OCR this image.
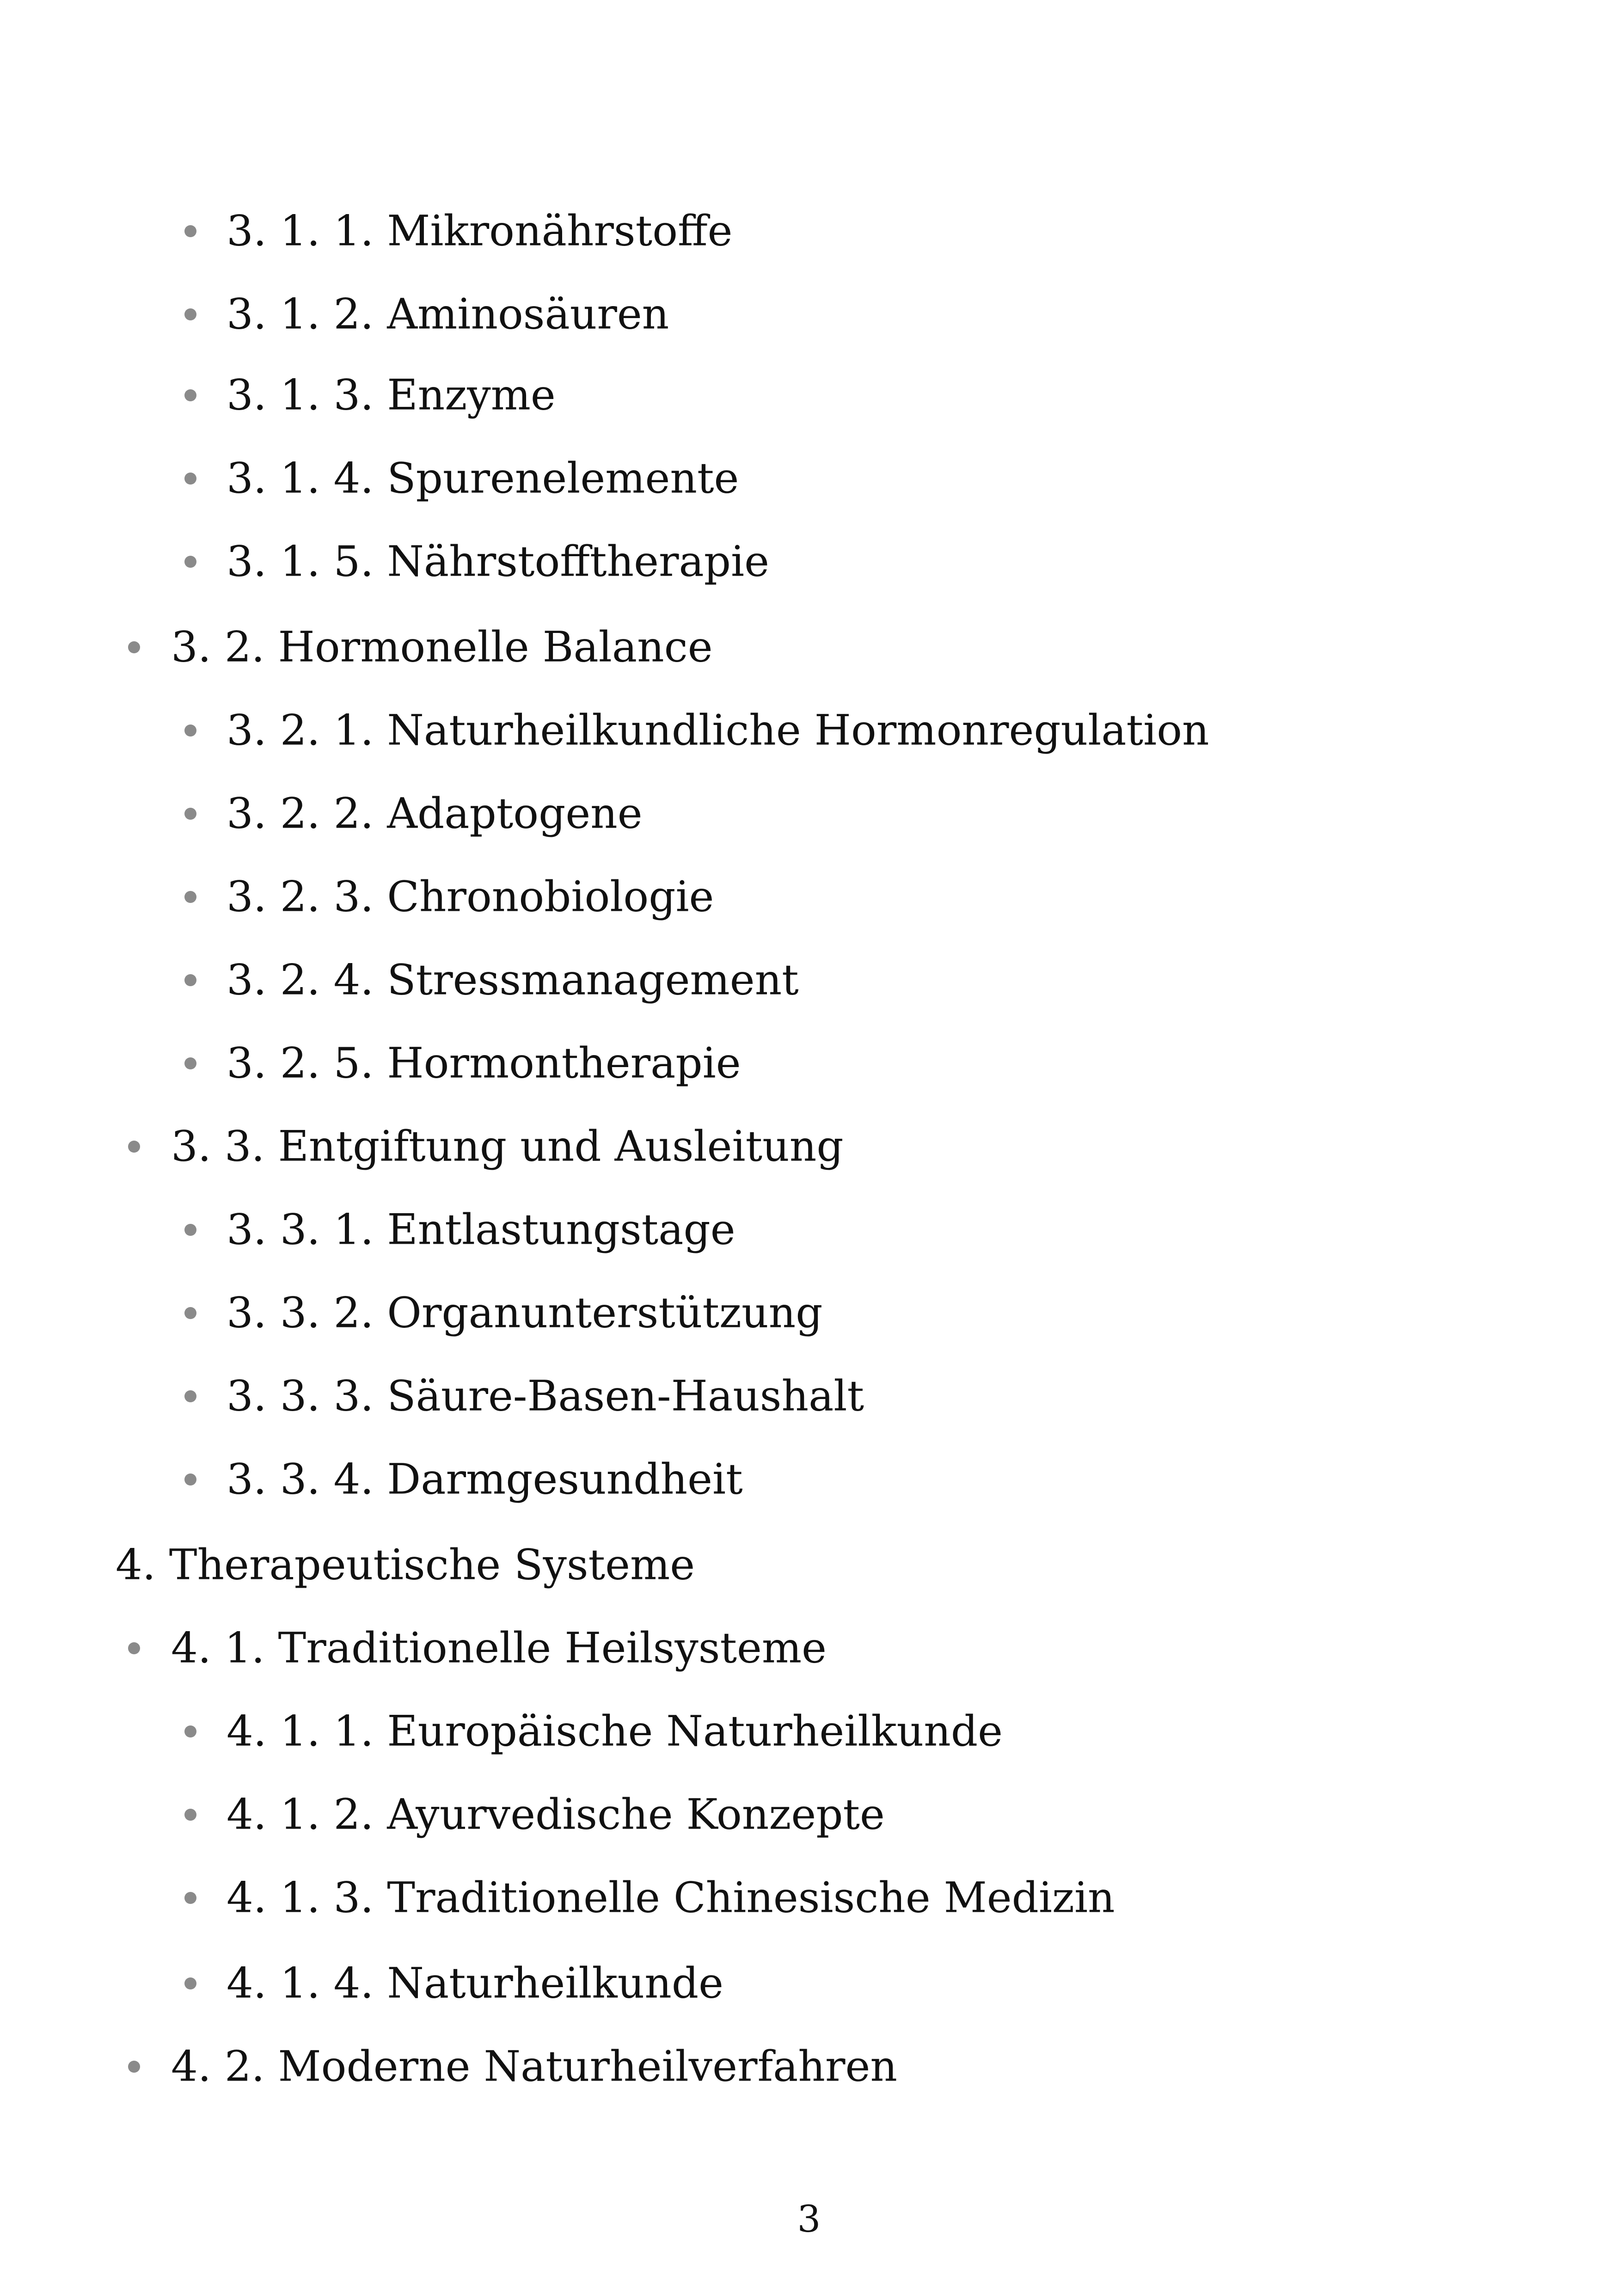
3. 1. 1. Mikronährstoffe
3. 1. 2. Aminosäuren
3. 1. 3. Enzyme
3. 1. 4. Spurenelemente
3. 1. 5. Nährstofftherapie
3. 2. Hormonelle Balance
3. 2. 1. Naturheilkundliche Hormonregulation
3. 2. 2. Adaptogene
3. 2. 3. Chronobiologie
3. 2. 4. Stressmanagement
3. 2. 5. Hormontherapie
3. 3. Entgiftung und Ausleitung
3. 3. 1. Entlastungstage
3. 3. 2. Organunterstützung
3. 3. 3. Säure-Basen-Haushalt
3. 3. 4. Darmgesundheit
4. Therapeutische Systeme
4. 1. Traditionelle Heilsysteme
4. 1. 1. Europäische Naturheilkunde
4. 1. 2. Ayurvedische Konzepte
4. 1. 3. Traditionelle Chinesische Medizin
4. 1. 4. Naturheilkunde
4. 2. Moderne Naturheilverfahren
3
